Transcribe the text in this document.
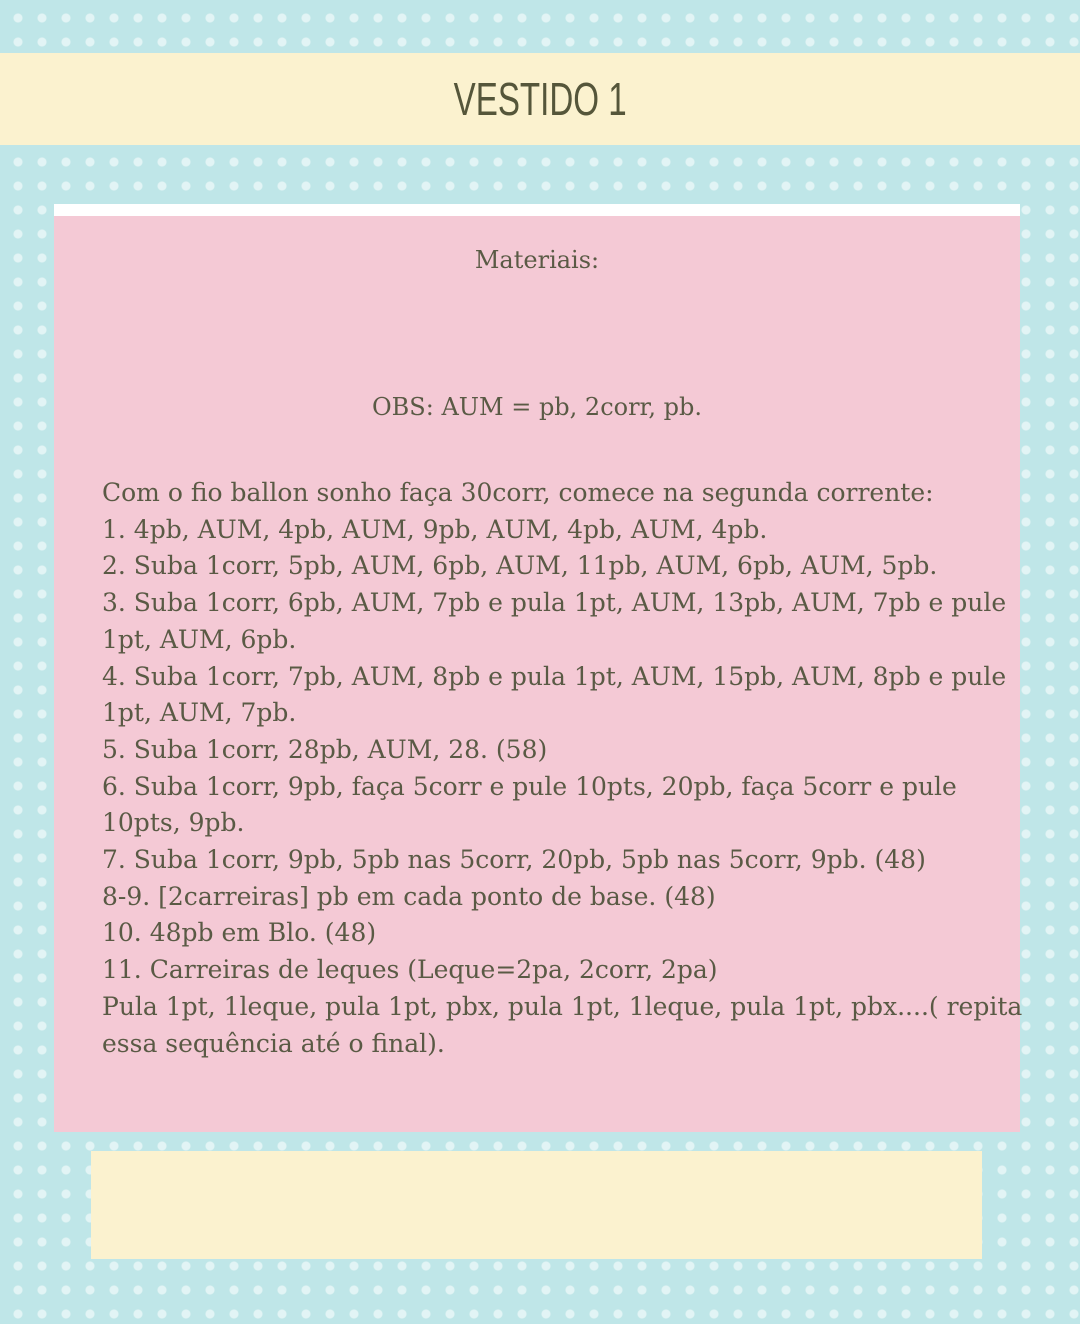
VESTIDO 1
Materiais:
OBS: AUM = pb, 2corr, pb.
Com o fio ballon sonho faça 30corr, comece na segunda corrente:
1. 4pb, AUM, 4pb, AUM, 9pb, AUM, 4pb, AUM, 4pb.
2. Suba 1corr, 5pb, AUM, 6pb, AUM, 11pb, AUM, 6pb, AUM, 5pb.
3. Suba 1corr, 6pb, AUM, 7pb e pula 1pt, AUM, 13pb, AUM, 7pb e pule
1pt, AUM, 6pb.
4. Suba 1corr, 7pb, AUM, 8pb e pula 1pt, AUM, 15pb, AUM, 8pb e pule
1pt, AUM, 7pb.
5. Suba 1corr, 28pb, AUM, 28. (58)
6. Suba 1corr, 9pb, faça 5corr e pule 10pts, 20pb, faça 5corr e pule
10pts, 9pb.
7. Suba 1corr, 9pb, 5pb nas 5corr, 20pb, 5pb nas 5corr, 9pb. (48)
8-9. [2carreiras] pb em cada ponto de base. (48)
10. 48pb em Blo. (48)
11. Carreiras de leques (Leque=2pa, 2corr, 2pa)
Pula 1pt, 1leque, pula 1pt, pbx, pula 1pt, 1leque, pula 1pt, pbx....( repita
essa sequência até o final).
